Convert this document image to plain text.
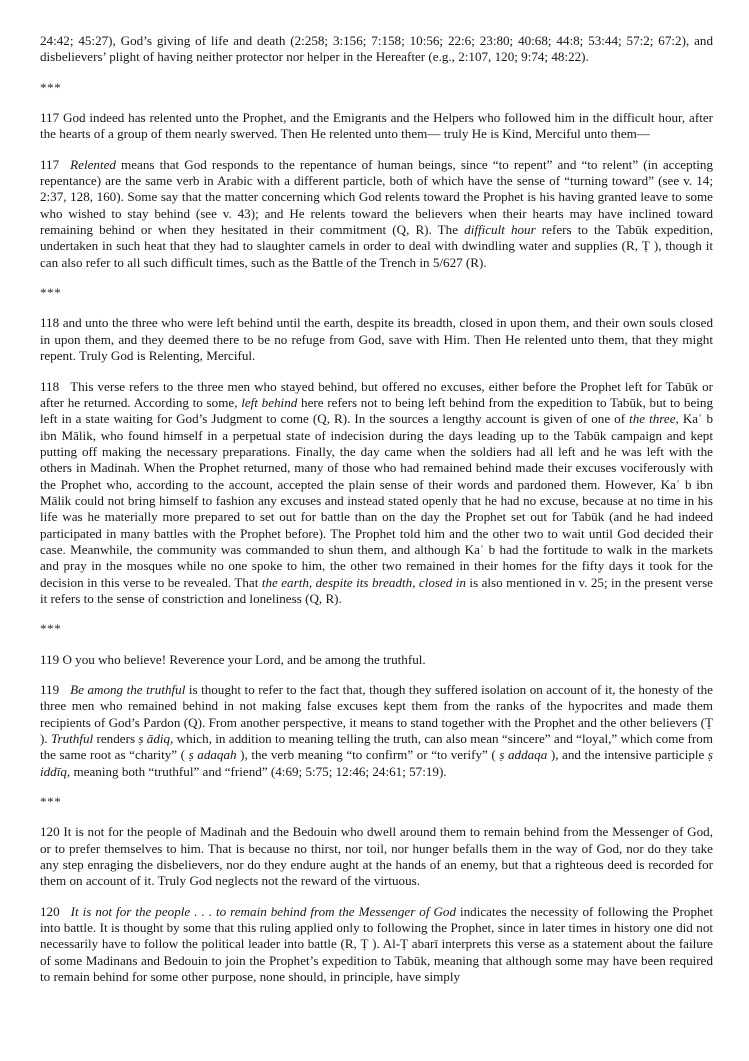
24:42; 45:27), God’s giving of life and death (2:258; 3:156; 7:158; 10:56; 22:6; 23:80; 40:68; 44:8; 53:44; 57:2; 67:2), and disbelievers’ plight of having neither protector nor helper in the Hereafter (e.g., 2:107, 120; 9:74; 48:22).

***

117 God indeed has relented unto the Prophet, and the Emigrants and the Helpers who followed him in the difficult hour, after the hearts of a group of them nearly swerved. Then He relented unto them— truly He is Kind, Merciful unto them—

117 Relented means that God responds to the repentance of human beings, since “to repent” and “to relent” (in accepting repentance) are the same verb in Arabic with a different particle, both of which have the sense of “turning toward” (see v. 14; 2:37, 128, 160). Some say that the matter concerning which God relents toward the Prophet is his having granted leave to some who wished to stay behind (see v. 43); and He relents toward the believers when their hearts may have inclined toward remaining behind or when they hesitated in their commitment (Q, R). The difficult hour refers to the Tabūk expedition, undertaken in such heat that they had to slaughter camels in order to deal with dwindling water and supplies (R, Ṭ ), though it can also refer to all such difficult times, such as the Battle of the Trench in 5/627 (R).

***

118 and unto the three who were left behind until the earth, despite its breadth, closed in upon them, and their own souls closed in upon them, and they deemed there to be no refuge from God, save with Him. Then He relented unto them, that they might repent. Truly God is Relenting, Merciful.

118 This verse refers to the three men who stayed behind, but offered no excuses, either before the Prophet left for Tabūk or after he returned. According to some, left behind here refers not to being left behind from the expedition to Tabūk, but to being left in a state waiting for God’s Judgment to come (Q, R). In the sources a lengthy account is given of one of the three, Kaʿ b ibn Mālik, who found himself in a perpetual state of indecision during the days leading up to the Tabūk campaign and kept putting off making the necessary preparations. Finally, the day came when the soldiers had all left and he was left with the others in Madinah. When the Prophet returned, many of those who had remained behind made their excuses vociferously with the Prophet who, according to the account, accepted the plain sense of their words and pardoned them. However, Kaʿ b ibn Mālik could not bring himself to fashion any excuses and instead stated openly that he had no excuse, because at no time in his life was he materially more prepared to set out for battle than on the day the Prophet set out for Tabūk (and he had indeed participated in many battles with the Prophet before). The Prophet told him and the other two to wait until God decided their case. Meanwhile, the community was commanded to shun them, and although Kaʿ b had the fortitude to walk in the markets and pray in the mosques while no one spoke to him, the other two remained in their homes for the fifty days it took for the decision in this verse to be revealed. That the earth, despite its breadth, closed in is also mentioned in v. 25; in the present verse it refers to the sense of constriction and loneliness (Q, R).

***

119 O you who believe! Reverence your Lord, and be among the truthful.

119 Be among the truthful is thought to refer to the fact that, though they suffered isolation on account of it, the honesty of the three men who remained behind in not making false excuses kept them from the ranks of the hypocrites and made them recipients of God’s Pardon (Q). From another perspective, it means to stand together with the Prophet and the other believers (Ṭ ). Truthful renders ṣ ādiq, which, in addition to meaning telling the truth, can also mean “sincere” and “loyal,” which come from the same root as “charity” ( ṣ adaqah ), the verb meaning “to confirm” or “to verify” ( ṣ addaqa ), and the intensive participle ṣ iddīq, meaning both “truthful” and “friend” (4:69; 5:75; 12:46; 24:61; 57:19).

***

120 It is not for the people of Madinah and the Bedouin who dwell around them to remain behind from the Messenger of God, or to prefer themselves to him. That is because no thirst, nor toil, nor hunger befalls them in the way of God, nor do they take any step enraging the disbelievers, nor do they endure aught at the hands of an enemy, but that a righteous deed is recorded for them on account of it. Truly God neglects not the reward of the virtuous.

120 It is not for the people . . . to remain behind from the Messenger of God indicates the necessity of following the Prophet into battle. It is thought by some that this ruling applied only to following the Prophet, since in later times in history one did not necessarily have to follow the political leader into battle (R, Ṭ ). Al-Ṭ abarī interprets this verse as a statement about the failure of some Madinans and Bedouin to join the Prophet’s expedition to Tabūk, meaning that although some may have been required to remain behind for some other purpose, none should, in principle, have simply
